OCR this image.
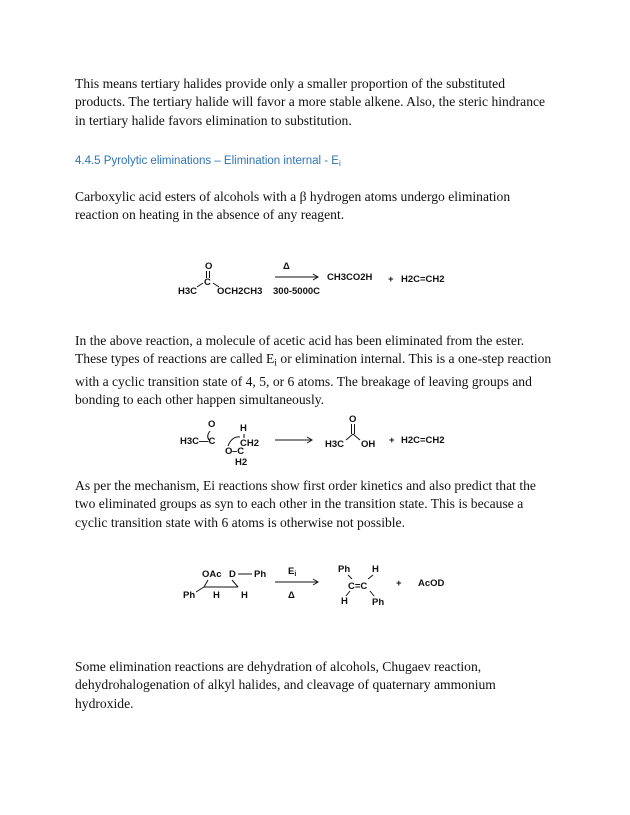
This means tertiary halides provide only a smaller proportion of the substituted products. The tertiary halide will favor a more stable alkene. Also, the steric hindrance in tertiary halide favors elimination to substitution.

4.4.5 Pyrolytic eliminations – Elimination internal - $E_i$

Carboxylic acid esters of alcohols with a β hydrogen atoms undergo elimination reaction on heating in the absence of any reagent.

O
C
H3C OCH2CH3
Δ
300-5000C
CH3CO2H + H2C=CH2

In the above reaction, a molecule of acetic acid has been eliminated from the ester. These types of reactions are called $E_i$ or elimination internal. This is a one-step reaction with a cyclic transition state of 4, 5, or 6 atoms. The breakage of leaving groups and bonding to each other happen simultaneously.

O
H3C—C
O –C
H
CH2
H2
H3C
O
OH + H2C=CH2

As per the mechanism, Ei reactions show first order kinetics and also predict that the two eliminated groups as syn to each other in the transition state. This is because a cyclic transition state with 6 atoms is otherwise not possible.

OAc D Ph
Ph H H
$E_i$
Δ
Ph H
C=C
H	Ph
+ AcOD

Some elimination reactions are dehydration of alcohols, Chugaev reaction, dehydrohalogenation of alkyl halides, and cleavage of quaternary ammonium hydroxide.
